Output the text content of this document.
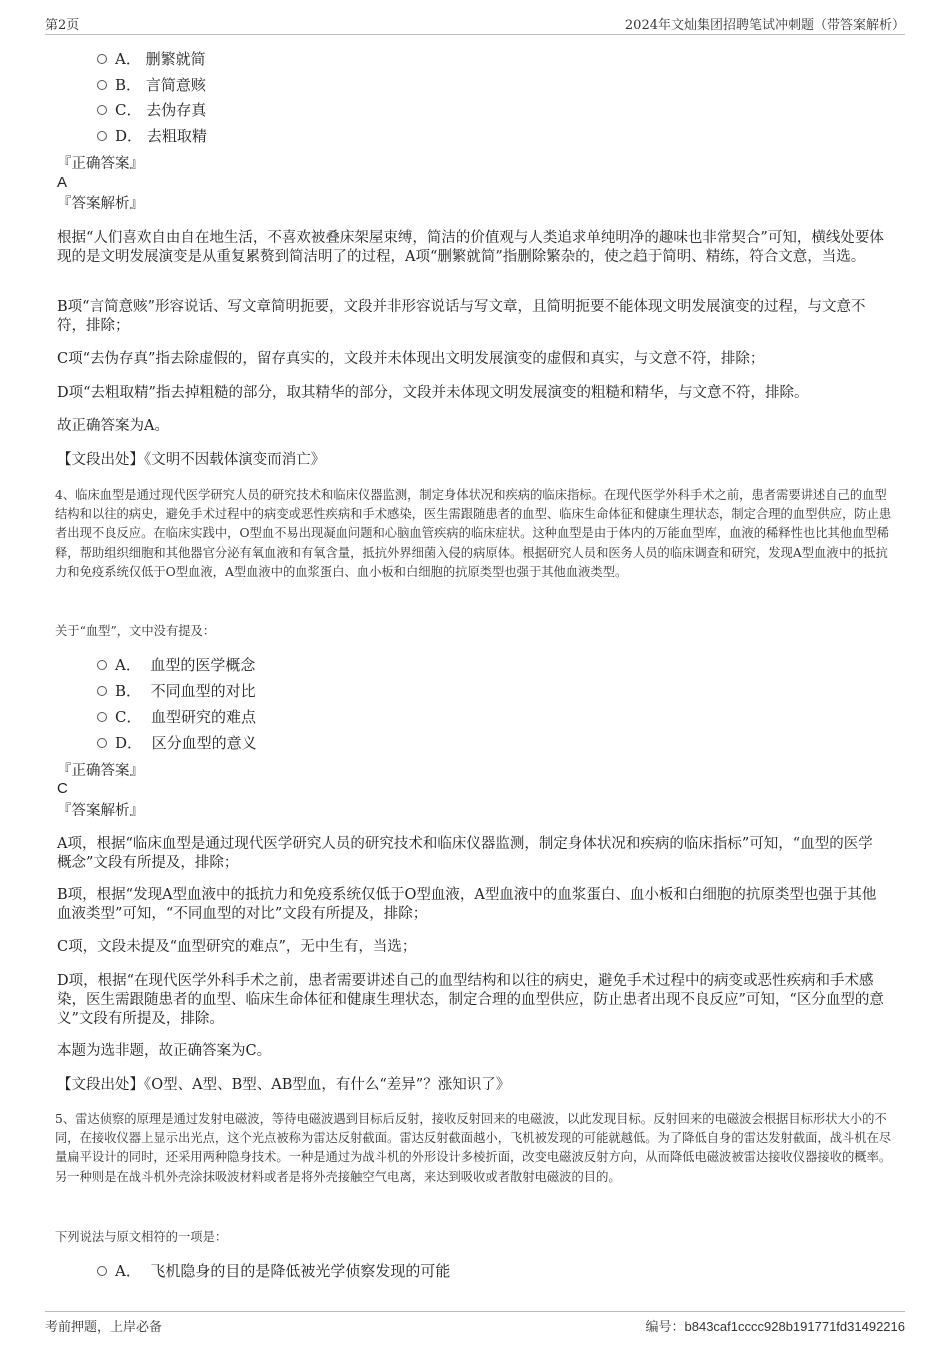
第2页	2024年文灿集团招聘笔试冲刺题（带答案解析）
A． 删繁就简
B． 言简意赅
C． 去伪存真
D． 去粗取精
『正确答案』
A
『答案解析』
根据“人们喜欢自由自在地生活，不喜欢被叠床架屋束缚，简洁的价值观与人类追求单纯明净的趣味也非常契合”可知，横线处要体现的是文明发展演变是从重复累赘到简洁明了的过程，A项“删繁就简”指删除繁杂的，使之趋于简明、精练，符合文意，当选。
B项“言简意赅”形容说话、写文章简明扼要，文段并非形容说话与写文章，且简明扼要不能体现文明发展演变的过程，与文意不符，排除；
C项“去伪存真”指去除虚假的，留存真实的，文段并未体现出文明发展演变的虚假和真实，与文意不符，排除；
D项“去粗取精”指去掉粗糙的部分，取其精华的部分，文段并未体现文明发展演变的粗糙和精华，与文意不符，排除。
故正确答案为A。
【文段出处】《文明不因载体演变而消亡》
4、临床血型是通过现代医学研究人员的研究技术和临床仪器监测，制定身体状况和疾病的临床指标。在现代医学外科手术之前，患者需要讲述自己的血型结构和以往的病史，避免手术过程中的病变或恶性疾病和手术感染，医生需跟随患者的血型、临床生命体征和健康生理状态，制定合理的血型供应，防止患者出现不良反应。在临床实践中，O型血不易出现凝血问题和心脑血管疾病的临床症状。这种血型是由于体内的万能血型库，血液的稀释性也比其他血型稀释，帮助组织细胞和其他器官分泌有氧血液和有氧含量，抵抗外界细菌入侵的病原体。根据研究人员和医务人员的临床调查和研究，发现A型血液中的抵抗力和免疫系统仅低于O型血液，A型血液中的血浆蛋白、血小板和白细胞的抗原类型也强于其他血液类型。
关于“血型”，文中没有提及：
A． 血型的医学概念
B． 不同血型的对比
C． 血型研究的难点
D． 区分血型的意义
『正确答案』
C
『答案解析』
A项，根据“临床血型是通过现代医学研究人员的研究技术和临床仪器监测，制定身体状况和疾病的临床指标”可知，“血型的医学概念”文段有所提及，排除；
B项，根据“发现A型血液中的抵抗力和免疫系统仅低于O型血液，A型血液中的血浆蛋白、血小板和白细胞的抗原类型也强于其他血液类型”可知，“不同血型的对比”文段有所提及，排除；
C项，文段未提及“血型研究的难点”，无中生有，当选；
D项，根据“在现代医学外科手术之前，患者需要讲述自己的血型结构和以往的病史，避免手术过程中的病变或恶性疾病和手术感染，医生需跟随患者的血型、临床生命体征和健康生理状态，制定合理的血型供应，防止患者出现不良反应”可知，“区分血型的意义”文段有所提及，排除。
本题为选非题，故正确答案为C。
【文段出处】《O型、A型、B型、AB型血，有什么“差异”？涨知识了》
5、雷达侦察的原理是通过发射电磁波，等待电磁波遇到目标后反射，接收反射回来的电磁波，以此发现目标。反射回来的电磁波会根据目标形状大小的不同，在接收仪器上显示出光点，这个光点被称为雷达反射截面。雷达反射截面越小，飞机被发现的可能就越低。为了降低自身的雷达发射截面，战斗机在尽量扁平设计的同时，还采用两种隐身技术。一种是通过为战斗机的外形设计多棱折面，改变电磁波反射方向，从而降低电磁波被雷达接收仪器接收的概率。另一种则是在战斗机外壳涂抹吸波材料或者是将外壳接触空气电离，来达到吸收或者散射电磁波的目的。
下列说法与原文相符的一项是：
A． 飞机隐身的目的是降低被光学侦察发现的可能
考前押题，上岸必备	编号：b843caf1cccc928b191771fd31492216
